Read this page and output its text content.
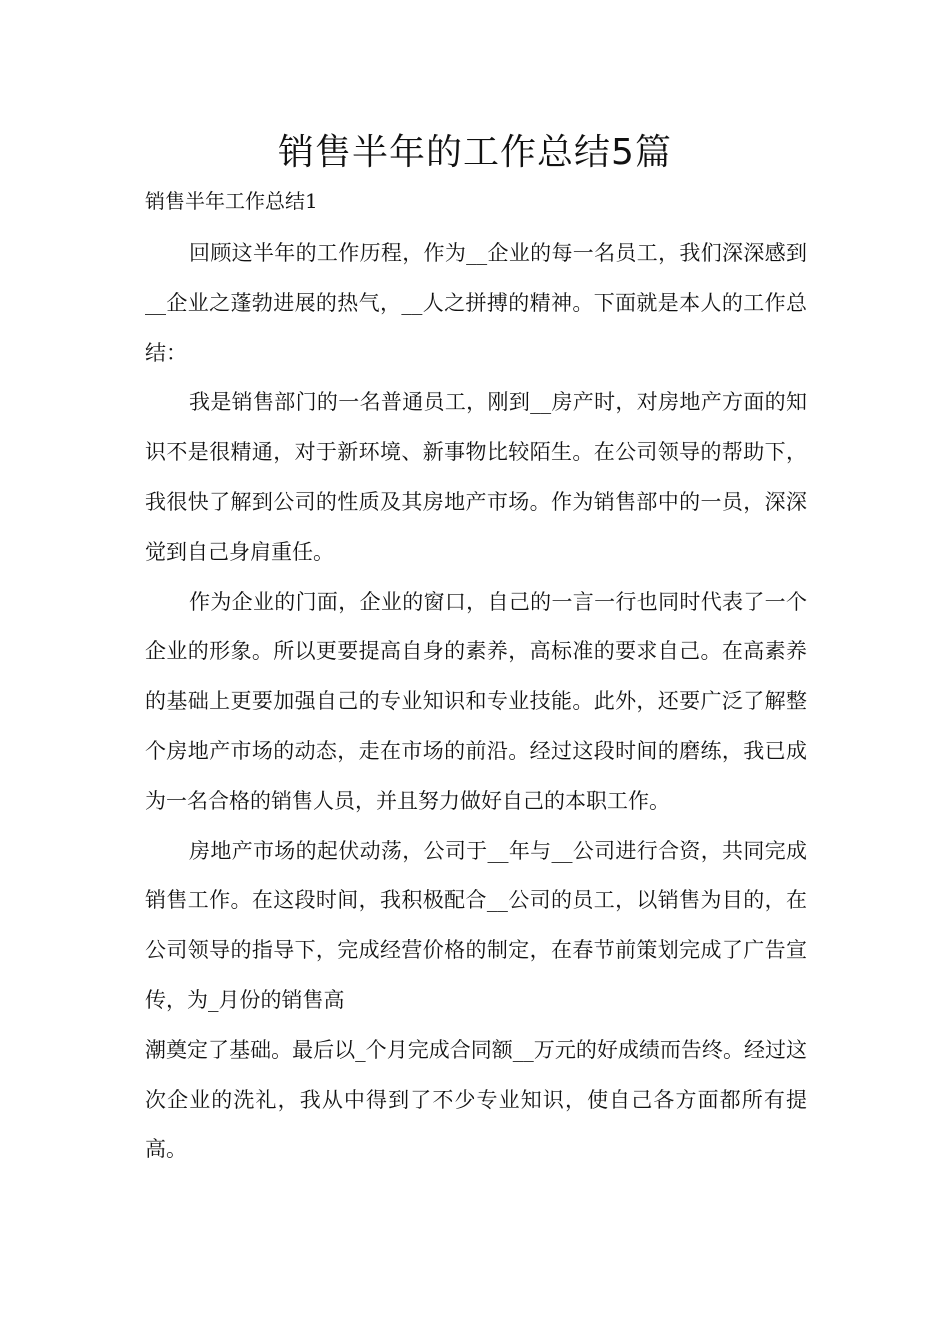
销售半年的工作总结5篇
销售半年工作总结1

回顾这半年的工作历程，作为__企业的每一名员工，我们深深感到__企业之蓬勃进展的热气，__人之拼搏的精神。下面就是本人的工作总结：

我是销售部门的一名普通员工，刚到__房产时，对房地产方面的知识不是很精通，对于新环境、新事物比较陌生。在公司领导的帮助下，我很快了解到公司的性质及其房地产市场。作为销售部中的一员，深深觉到自己身肩重任。

作为企业的门面，企业的窗口，自己的一言一行也同时代表了一个企业的形象。所以更要提高自身的素养，高标准的要求自己。在高素养的基础上更要加强自己的专业知识和专业技能。此外，还要广泛了解整个房地产市场的动态，走在市场的前沿。经过这段时间的磨练，我已成为一名合格的销售人员，并且努力做好自己的本职工作。

房地产市场的起伏动荡，公司于__年与__公司进行合资，共同完成销售工作。在这段时间，我积极配合__公司的员工，以销售为目的，在公司领导的指导下，完成经营价格的制定，在春节前策划完成了广告宣传，为_月份的销售高

潮奠定了基础。最后以_个月完成合同额__万元的好成绩而告终。经过这次企业的洗礼，我从中得到了不少专业知识，使自己各方面都所有提高。
